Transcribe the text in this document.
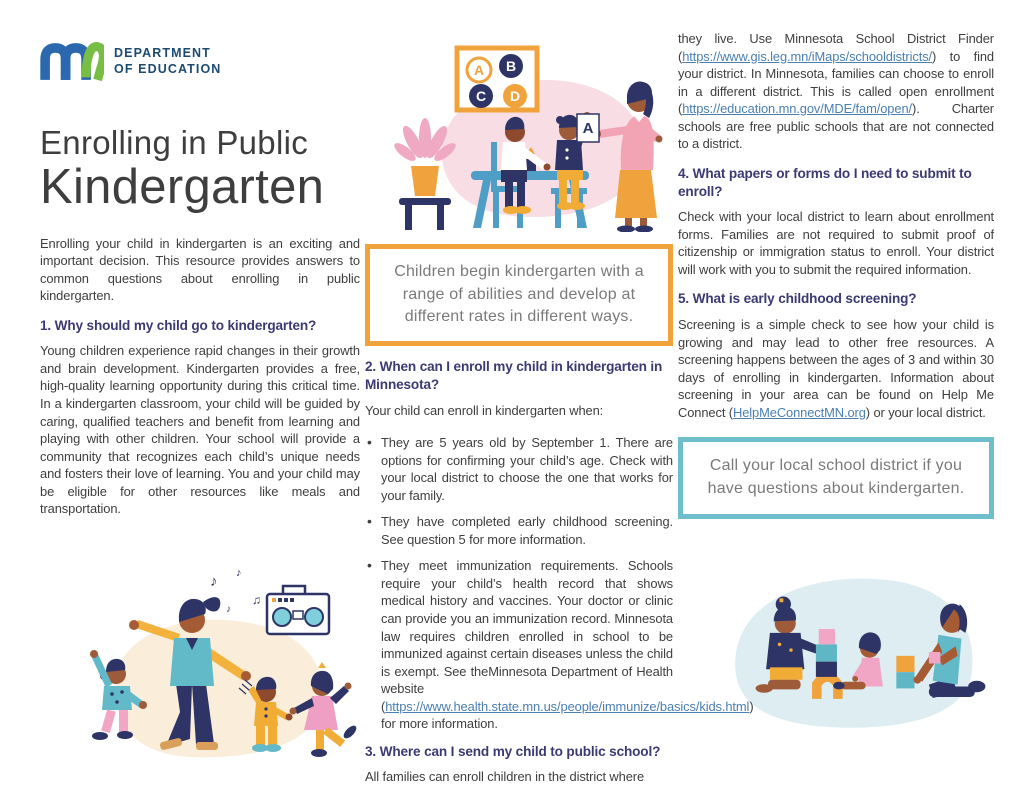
DEPARTMENT
OF EDUCATION
Enrolling in Public
Kindergarten

Enrolling your child in kindergarten is an exciting and important decision. This resource provides answers to common questions about enrolling in public kindergarten.

1. Why should my child go to kindergarten?

Young children experience rapid changes in their growth and brain development. Kindergarten provides a free, high-quality learning opportunity during this critical time. In a kindergarten classroom, your child will be guided by caring, qualified teachers and benefit from learning and playing with other children. Your school will provide a community that recognizes each child’s unique needs and fosters their love of learning. You and your child may be eligible for other resources like meals and transportation.

♪ ♪
♪
♫
A B
C D
A
Children begin kindergarten with a range of abilities and develop at different rates in different ways.
2. When can I enroll my child in kindergarten in Minnesota?

Your child can enroll in kindergarten when:

• They are 5 years old by September 1. There are options for confirming your child’s age. Check with your local district to choose the one that works for your family.
• They have completed early childhood screening. See question 5 for more information.
• They meet immunization requirements. Schools require your child’s health record that shows medical history and vaccines. Your doctor or clinic can provide you an immunization record. Minnesota law requires children enrolled in school to be immunized against certain diseases unless the child is exempt. See theMinnesota Department of Health website (https://www.health.state.mn.us/people/immunize/basics/kids.html) for more information.
3. Where can I send my child to public school?

All families can enroll children in the district where

they live. Use Minnesota School District Finder (https://www.gis.leg.mn/iMaps/schooldistricts/) to find your district. In Minnesota, families can choose to enroll in a different district. This is called open enrollment (https://education.mn.gov/MDE/fam/open/). Charter schools are free public schools that are not connected to a district.

4. What papers or forms do I need to submit to enroll?

Check with your local district to learn about enrollment forms. Families are not required to submit proof of citizenship or immigration status to enroll. Your district will work with you to submit the required information.

5. What is early childhood screening?

Screening is a simple check to see how your child is growing and may lead to other free resources. A screening happens between the ages of 3 and within 30 days of enrolling in kindergarten. Information about screening in your area can be found on Help Me Connect (HelpMeConnectMN.org) or your local district.

Call your local school district if you have questions about kindergarten.
